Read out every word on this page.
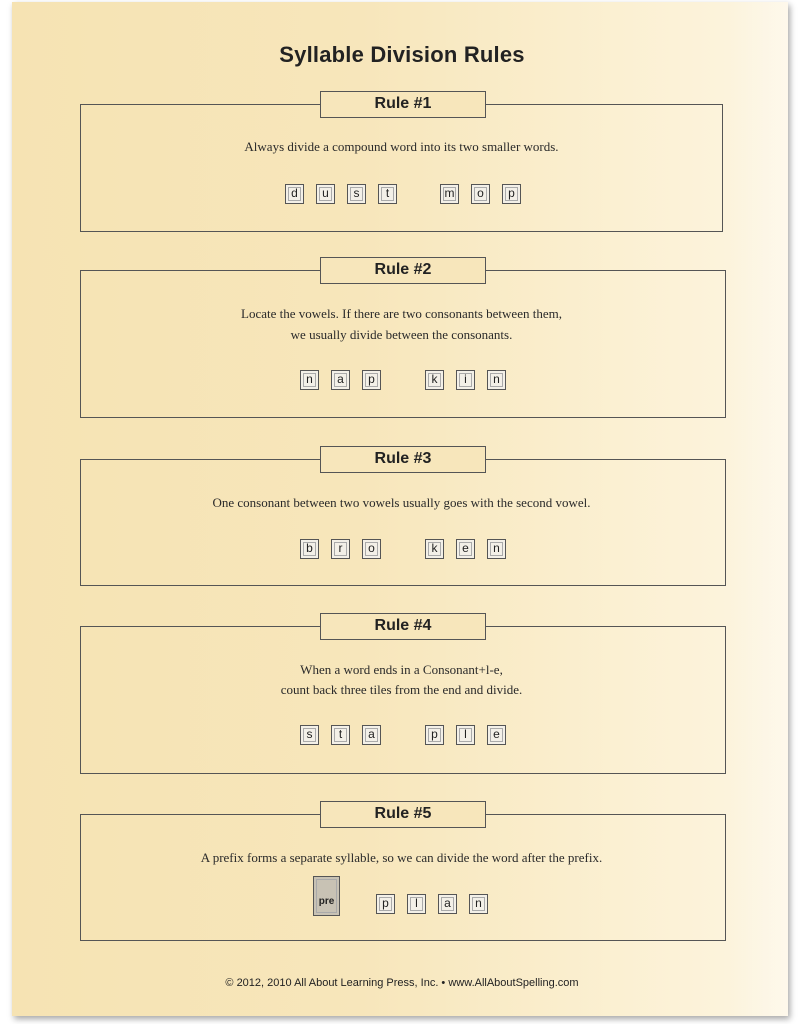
Syllable Division Rules
Rule #1
Always divide a compound word into its two smaller words.
d	u	s	t	m	o	p
Rule #2
Locate the vowels. If there are two consonants between them,
we usually divide between the consonants.
n	a	p	k	i	n
Rule #3
One consonant between two vowels usually goes with the second vowel.
b	r	o	k	e	n
Rule #4
When a word ends in a Consonant+l-e,
count back three tiles from the end and divide.
s	t	a	p	l	e
Rule #5
A prefix forms a separate syllable, so we can divide the word after the prefix.
pre	p	l	a	n
© 2012, 2010 All About Learning Press, Inc. • www.AllAboutSpelling.com
